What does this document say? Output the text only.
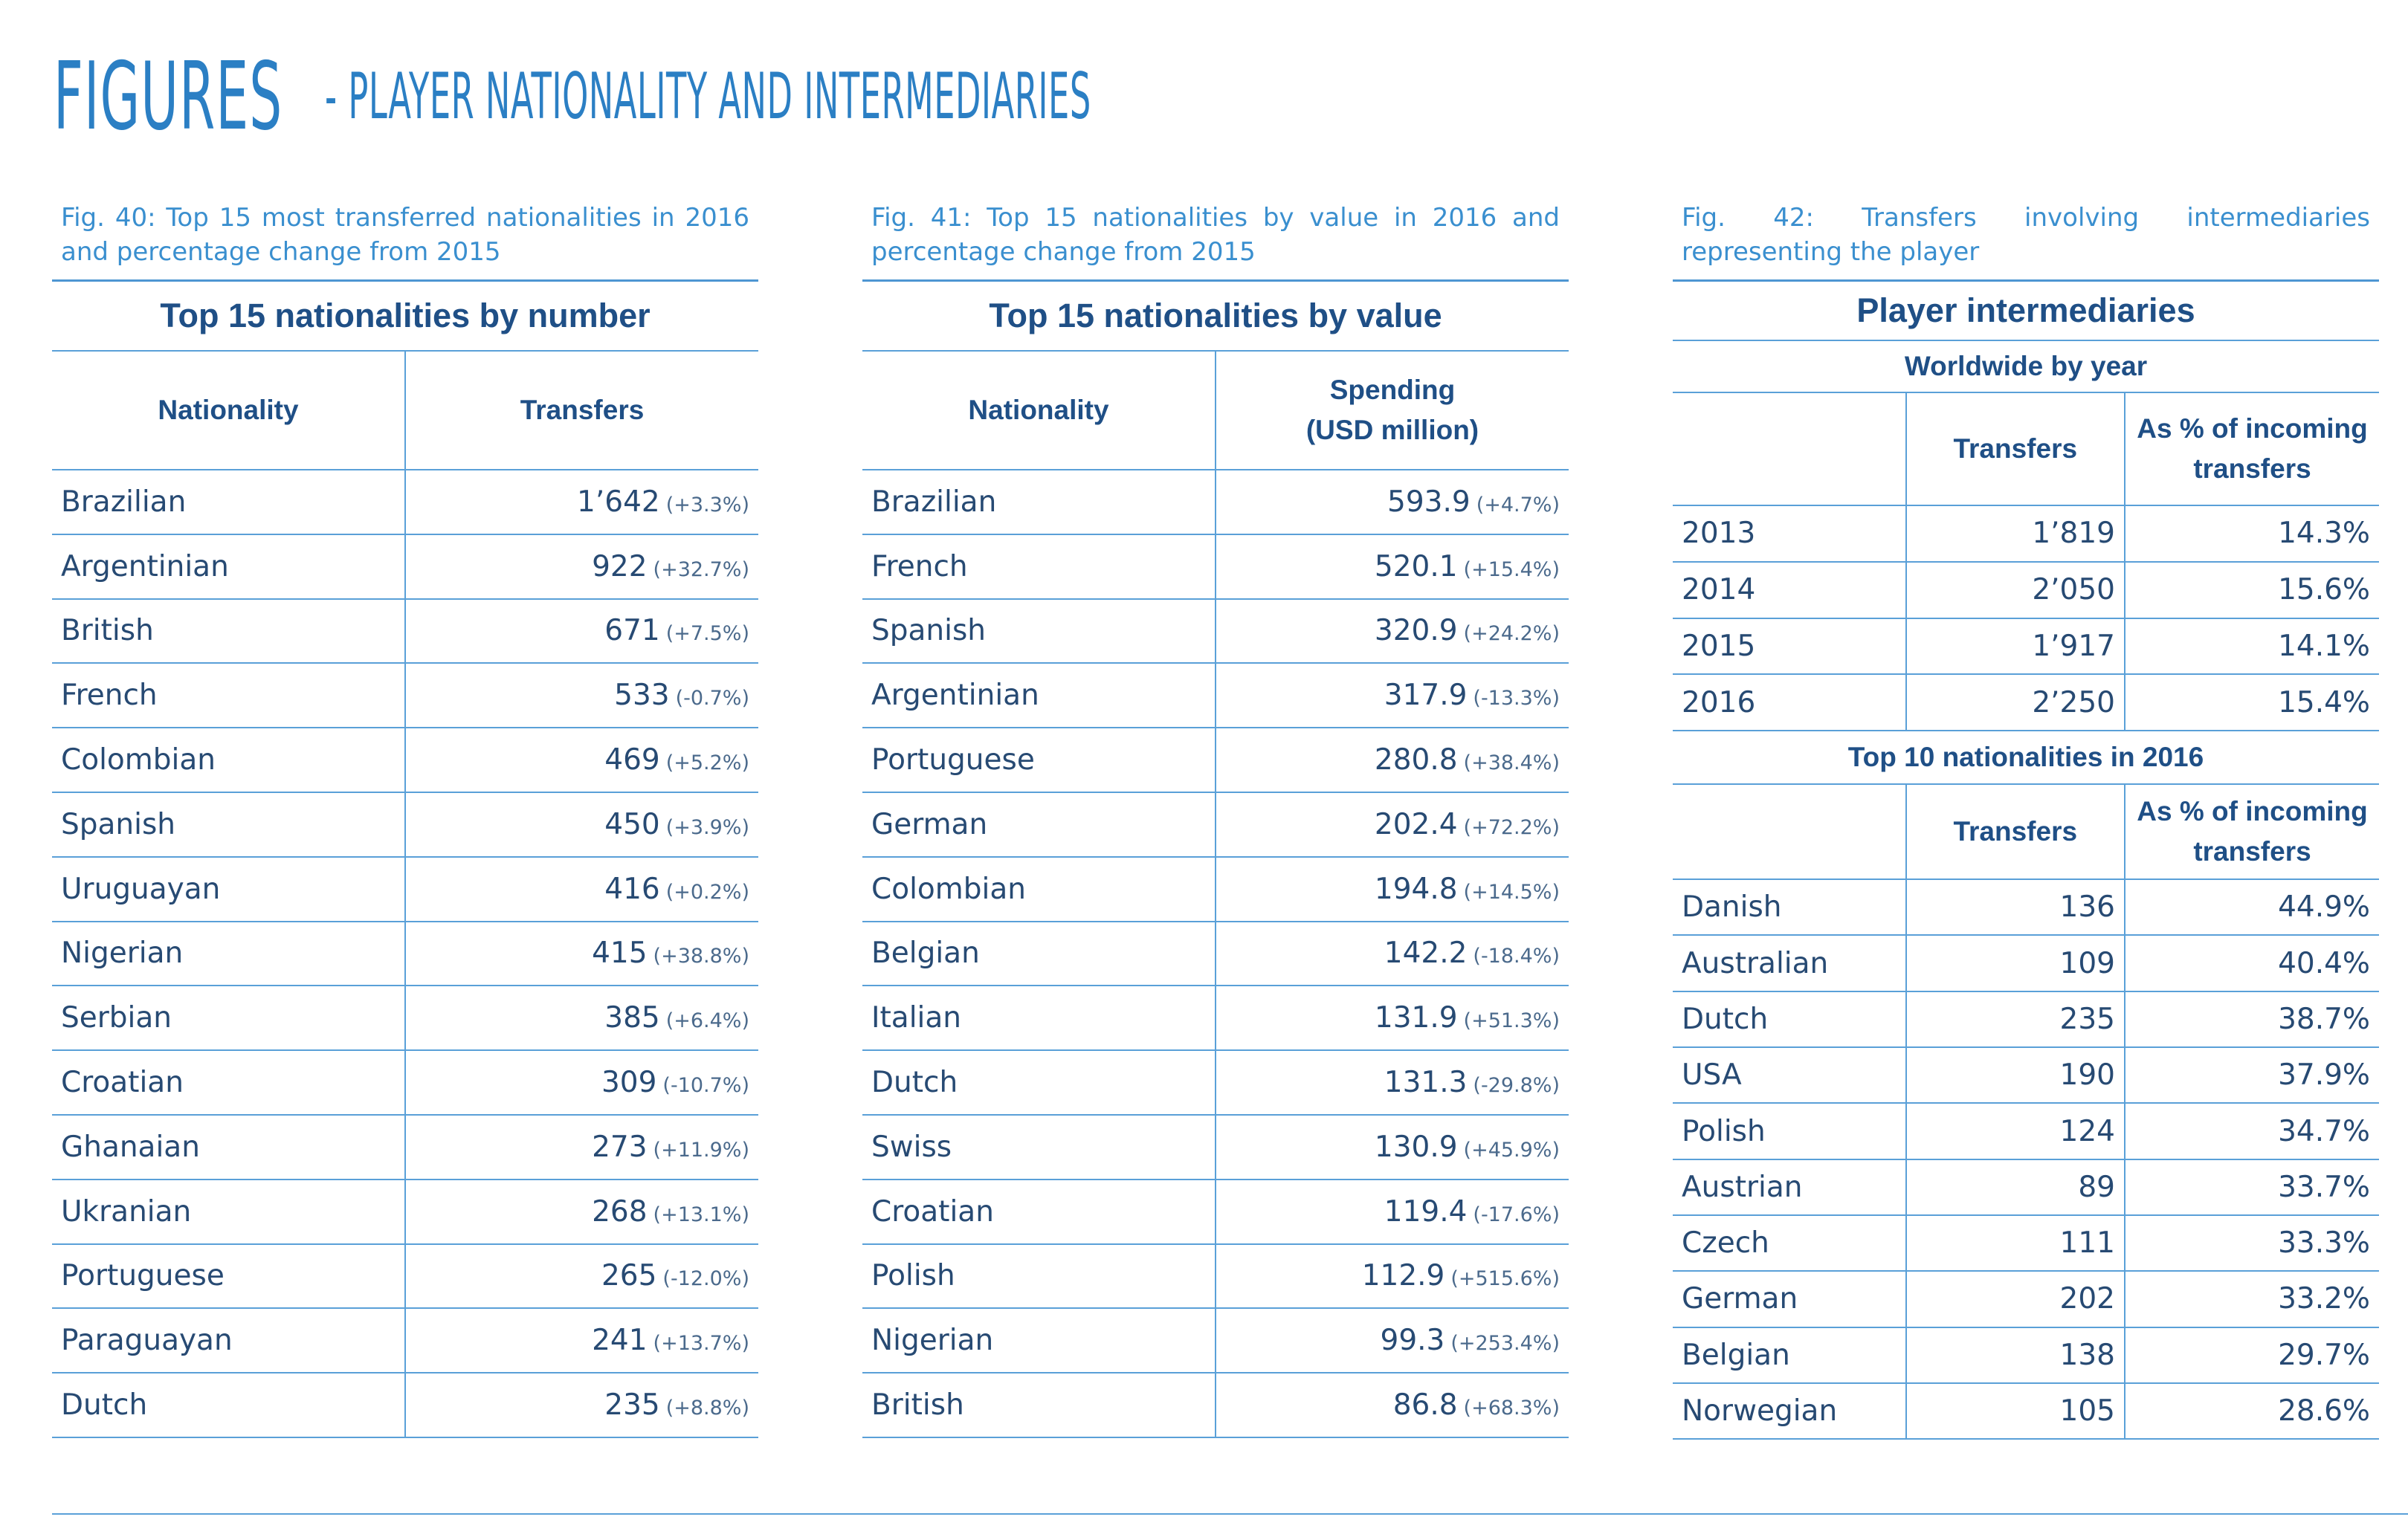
FIGURES - PLAYER NATIONALITY AND INTERMEDIARIES
Fig. 40: Top 15 most transferred nationalities in 2016 and percentage change from 2015
Top 15 nationalities by number	
Nationality	Transfers
Brazilian	1’642 (+3.3%)
Argentinian	922 (+32.7%)
British	671 (+7.5%)
French	533 (-0.7%)
Colombian	469 (+5.2%)
Spanish	450 (+3.9%)
Uruguayan	416 (+0.2%)
Nigerian	415 (+38.8%)
Serbian	385 (+6.4%)
Croatian	309 (-10.7%)
Ghanaian	273 (+11.9%)
Ukranian	268 (+13.1%)
Portuguese	265 (-12.0%)
Paraguayan	241 (+13.7%)
Dutch	235 (+8.8%)
Fig. 41: Top 15 nationalities by value in 2016 and percentage change from 2015
Top 15 nationalities by value	
Nationality	Spending
(USD million)

Brazilian	593.9 (+4.7%)
French	520.1 (+15.4%)
Spanish	320.9 (+24.2%)
Argentinian	317.9 (-13.3%)
Portuguese	280.8 (+38.4%)
German	202.4 (+72.2%)
Colombian	194.8 (+14.5%)
Belgian	142.2 (-18.4%)
Italian	131.9 (+51.3%)
Dutch	131.3 (-29.8%)
Swiss	130.9 (+45.9%)
Croatian	119.4 (-17.6%)
Polish	112.9 (+515.6%)
Nigerian	99.3 (+253.4%)
British	86.8 (+68.3%)
Fig. 42: Transfers involving intermediaries representing the player
Player intermediaries		
Worldwide by year		
	Transfers	As % of incoming
transfers

2013	1’819	14.3%
2014	2’050	15.6%
2015	1’917	14.1%
2016	2’250	15.4%
Top 10 nationalities in 2016		
	Transfers	As % of incoming
transfers

Danish	136	44.9%
Australian	109	40.4%
Dutch	235	38.7%
USA	190	37.9%
Polish	124	34.7%
Austrian	89	33.7%
Czech	111	33.3%
German	202	33.2%
Belgian	138	29.7%
Norwegian	105	28.6%
